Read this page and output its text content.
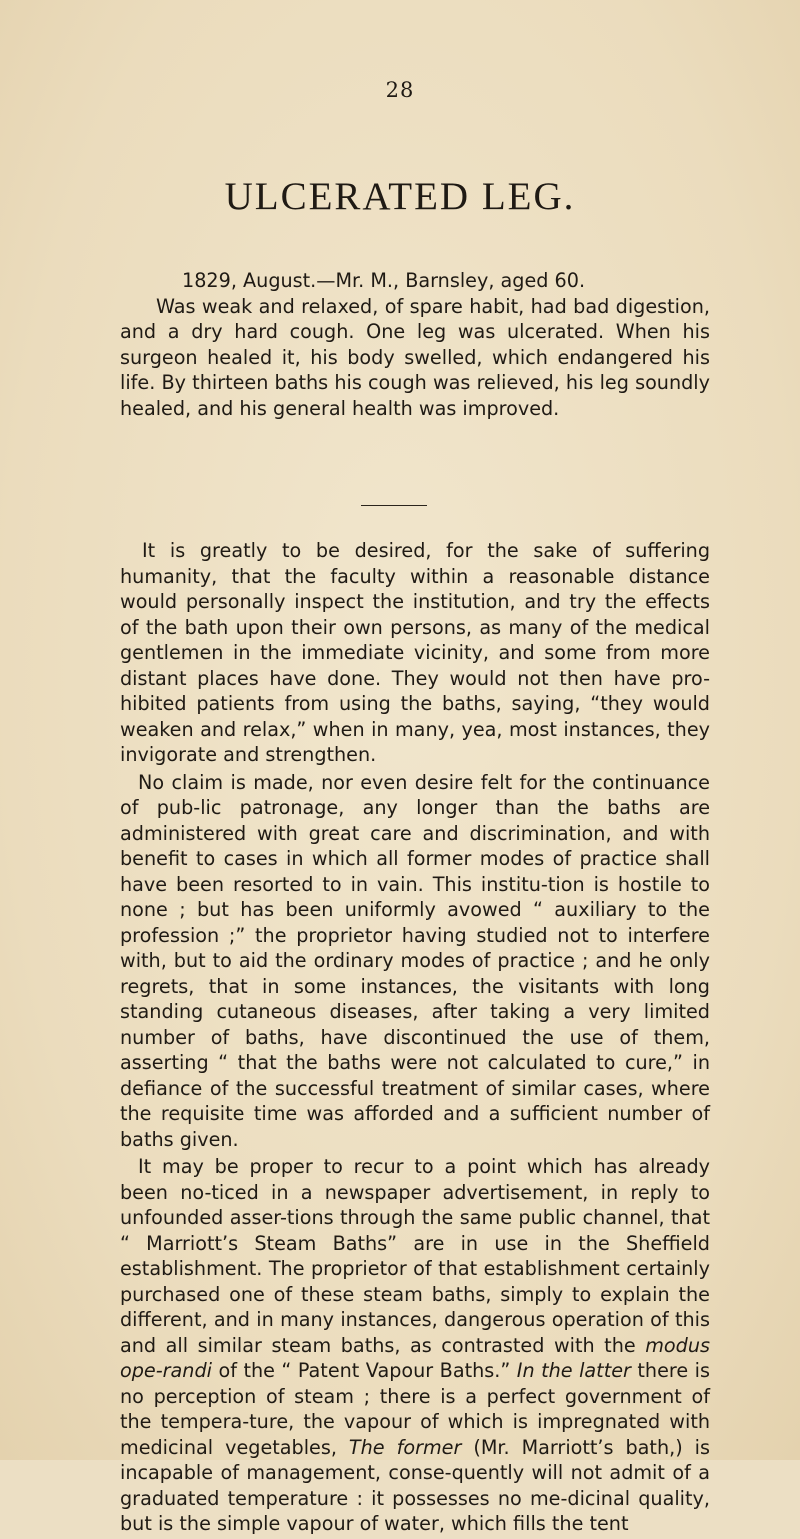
28
ULCERATED LEG.

1829, August.—Mr. M., Barnsley, aged 60.
Was weak and relaxed, of spare habit, had bad digestion, and a dry hard cough. One leg was ulcerated. When his surgeon healed it, his body swelled, which endangered his life. By thirteen baths his cough was relieved, his leg soundly healed, and his general health was improved.

It is greatly to be desired, for the sake of suffering humanity, that the faculty within a reasonable distance would personally inspect the institution, and try the effects of the bath upon their own persons, as many of the medical gentlemen in the immediate vicinity, and some from more distant places have done. They would not then have pro-hibited patients from using the baths, saying, “they would weaken and relax,” when in many, yea, most instances, they invigorate and strengthen.

No claim is made, nor even desire felt for the continuance of pub-lic patronage, any longer than the baths are administered with great care and discrimination, and with benefit to cases in which all former modes of practice shall have been resorted to in vain. This institu-tion is hostile to none ; but has been uniformly avowed “ auxiliary to the profession ;” the proprietor having studied not to interfere with, but to aid the ordinary modes of practice ; and he only regrets, that in some instances, the visitants with long standing cutaneous diseases, after taking a very limited number of baths, have discontinued the use of them, asserting “ that the baths were not calculated to cure,” in defiance of the successful treatment of similar cases, where the requisite time was afforded and a sufficient number of baths given.

It may be proper to recur to a point which has already been no-ticed in a newspaper advertisement, in reply to unfounded asser-tions through the same public channel, that “ Marriott’s Steam Baths” are in use in the Sheffield establishment. The proprietor of that establishment certainly purchased one of these steam baths, simply to explain the different, and in many instances, dangerous operation of this and all similar steam baths, as contrasted with the modus ope-randi of the “ Patent Vapour Baths.” In the latter there is no perception of steam ; there is a perfect government of the tempera-ture, the vapour of which is impregnated with medicinal vegetables, The former (Mr. Marriott’s bath,) is incapable of management, conse-quently will not admit of a graduated temperature : it possesses no me-dicinal quality, but is the simple vapour of water, which fills the tent
